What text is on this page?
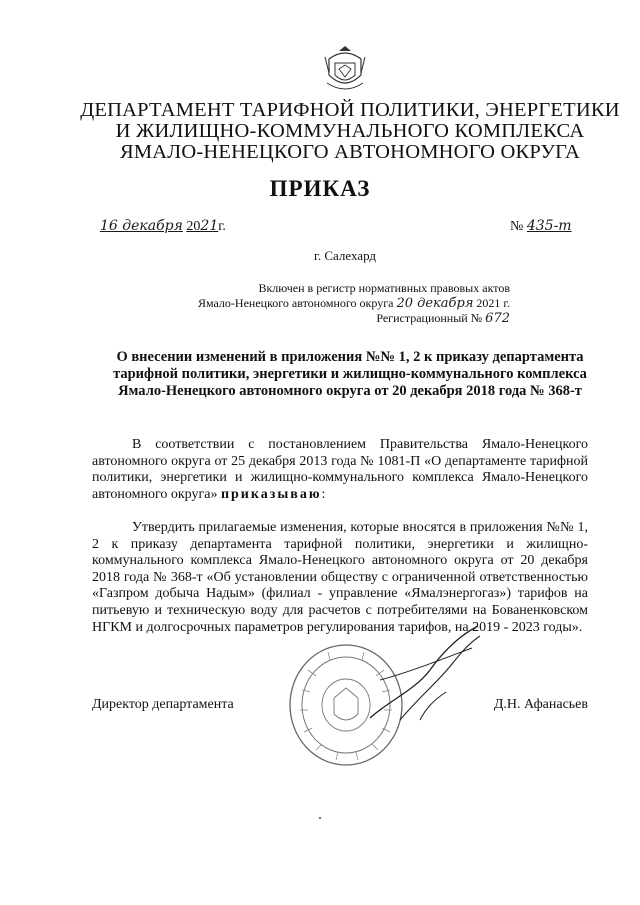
ДЕПАРТАМЕНТ ТАРИФНОЙ ПОЛИТИКИ, ЭНЕРГЕТИКИ
И ЖИЛИЩНО-КОММУНАЛЬНОГО КОМПЛЕКСА
ЯМАЛО-НЕНЕЦКОГО АВТОНОМНОГО ОКРУГА
ПРИКАЗ
16 декабря 2021г.	№ 435-т
г. Салехард
Включен в регистр нормативных правовых актов
Ямало-Ненецкого автономного округа 20 декабря 2021 г.
Регистрационный № 672
О внесении изменений в приложения №№ 1, 2 к приказу департамента тарифной политики, энергетики и жилищно-коммунального комплекса Ямало-Ненецкого автономного округа от 20 декабря 2018 года № 368-т
В соответствии с постановлением Правительства Ямало-Ненецкого автономного округа от 25 декабря 2013 года № 1081-П «О департаменте тарифной политики, энергетики и жилищно-коммунального комплекса Ямало-Ненецкого автономного округа» приказываю:
Утвердить прилагаемые изменения, которые вносятся в приложения №№ 1, 2 к приказу департамента тарифной политики, энергетики и жилищно-коммунального комплекса Ямало-Ненецкого автономного округа от 20 декабря 2018 года № 368-т «Об установлении обществу с ограниченной ответственностью «Газпром добыча Надым» (филиал - управление «Ямалэнергогаз») тарифов на питьевую и техническую воду для расчетов с потребителями на Бованенковском НГКМ и долгосрочных параметров регулирования тарифов, на 2019 - 2023 годы».
Директор департамента	Д.Н. Афанасьев
